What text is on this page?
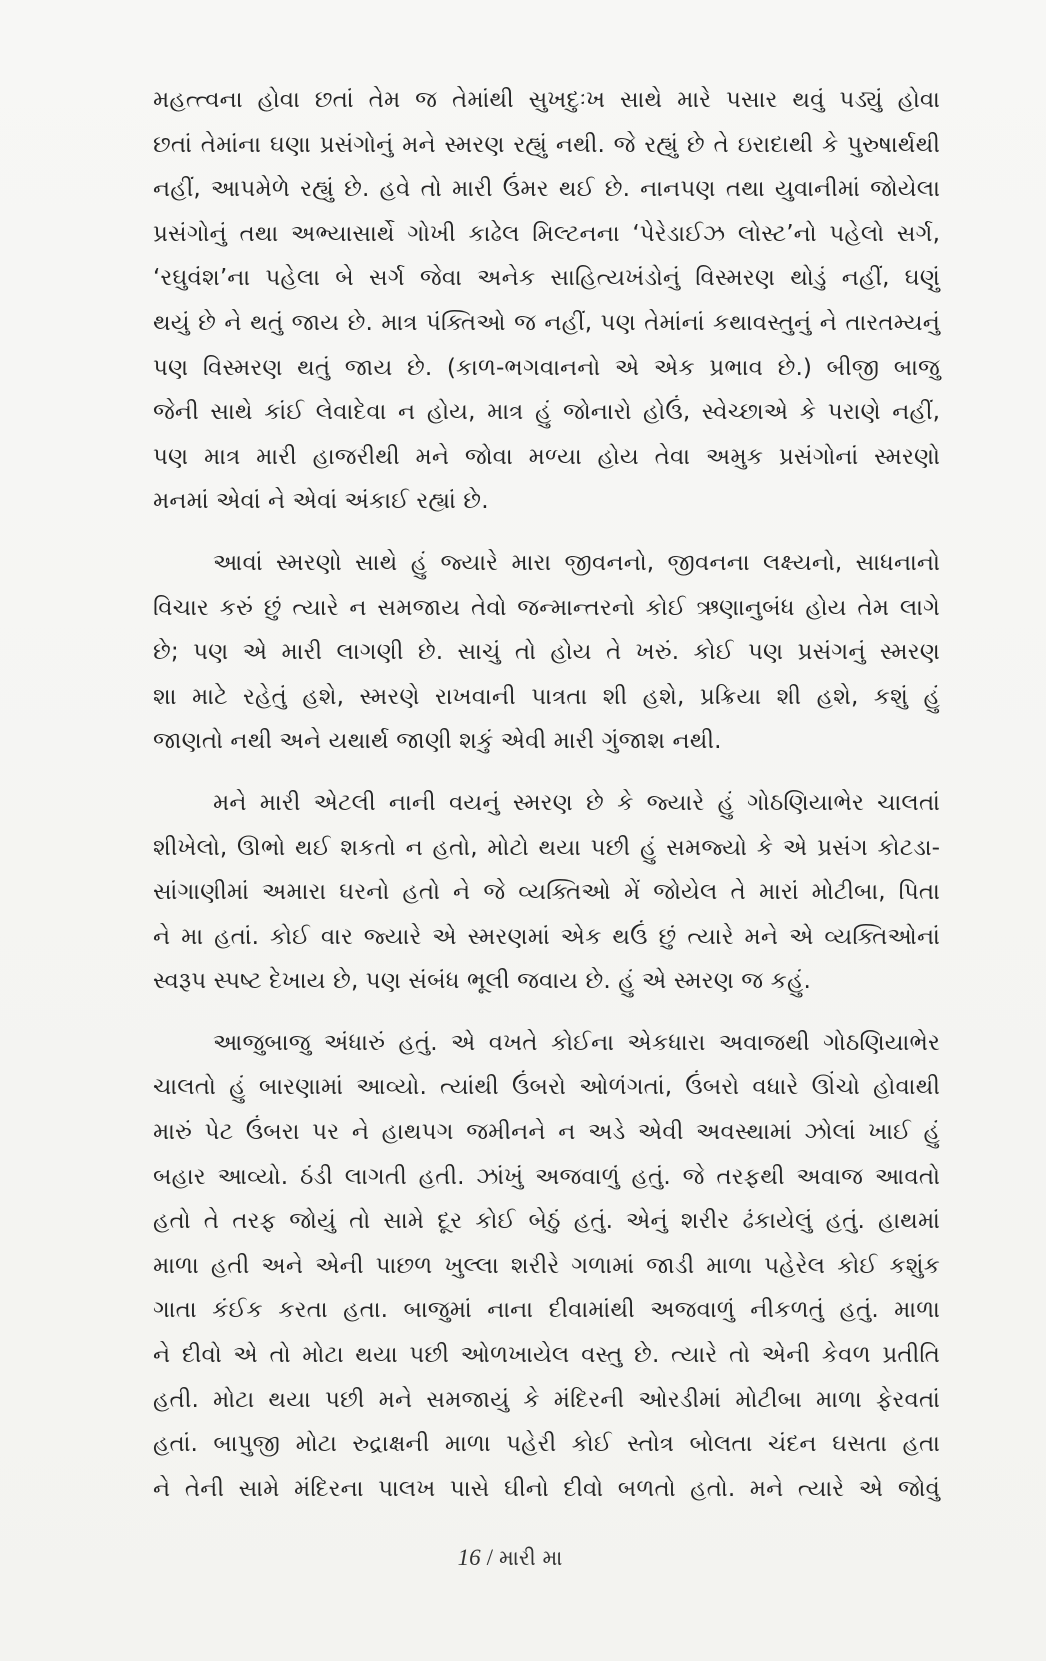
મહત્ત્વના હોવા છતાં તેમ જ તેમાંથી સુખદુઃખ સાથે મારે પસાર થવું પડ્યું હોવા
છતાં તેમાંના ઘણા પ્રસંગોનું મને સ્મરણ રહ્યું નથી. જે રહ્યું છે તે ઇરાદાથી કે પુરુષાર્થથી
નહીં, આપમેળે રહ્યું છે. હવે તો મારી ઉંમર થઈ છે. નાનપણ તથા યુવાનીમાં જોયેલા
પ્રસંગોનું તથા અભ્યાસાર્થે ગોખી કાઢેલ મિલ્ટનના ‘પેરેડાઈઝ લોસ્ટ’નો પહેલો સર્ગ,
‘રઘુવંશ’ના પહેલા બે સર્ગ જેવા અનેક સાહિત્યખંડોનું વિસ્મરણ થોડું નહીં, ઘણું
થયું છે ને થતું જાય છે. માત્ર પંક્તિઓ જ નહીં, પણ તેમાંનાં કથાવસ્તુનું ને તારતમ્યનું
પણ વિસ્મરણ થતું જાય છે. (કાળ-ભગવાનનો એ એક પ્રભાવ છે.) બીજી બાજુ
જેની સાથે કાંઈ લેવાદેવા ન હોય, માત્ર હું જોનારો હોઉં, સ્વેચ્છાએ કે પરાણે નહીં,
પણ માત્ર મારી હાજરીથી મને જોવા મળ્યા હોય તેવા અમુક પ્રસંગોનાં સ્મરણો
મનમાં એવાં ને એવાં અંકાઈ રહ્યાં છે.
આવાં સ્મરણો સાથે હું જ્યારે મારા જીવનનો, જીવનના લક્ષ્યનો, સાધનાનો
વિચાર કરું છું ત્યારે ન સમજાય તેવો જન્માન્તરનો કોઈ ઋણાનુબંધ હોય તેમ લાગે
છે; પણ એ મારી લાગણી છે. સાચું તો હોય તે ખરું. કોઈ પણ પ્રસંગનું સ્મરણ
શા માટે રહેતું હશે, સ્મરણે રાખવાની પાત્રતા શી હશે, પ્રક્રિયા શી હશે, કશું હું
જાણતો નથી અને યથાર્થ જાણી શકું એવી મારી ગુંજાશ નથી.
મને મારી એટલી નાની વયનું સ્મરણ છે કે જ્યારે હું ગોઠણિયાભેર ચાલતાં
શીખેલો, ઊભો થઈ શકતો ન હતો, મોટો થયા પછી હું સમજ્યો કે એ પ્રસંગ કોટડા-
સાંગાણીમાં અમારા ઘરનો હતો ને જે વ્યક્તિઓ મેં જોયેલ તે મારાં મોટીબા, પિતા
ને મા હતાં. કોઈ વાર જ્યારે એ સ્મરણમાં એક થઉં છું ત્યારે મને એ વ્યક્તિઓનાં
સ્વરૂપ સ્પષ્ટ દેખાય છે, પણ સંબંધ ભૂલી જવાય છે. હું એ સ્મરણ જ કહું.
આજુબાજુ અંધારું હતું. એ વખતે કોઈના એકધારા અવાજથી ગોઠણિયાભેર
ચાલતો હું બારણામાં આવ્યો. ત્યાંથી ઉંબરો ઓળંગતાં, ઉંબરો વધારે ઊંચો હોવાથી
મારું પેટ ઉંબરા પર ને હાથપગ જમીનને ન અડે એવી અવસ્થામાં ઝોલાં ખાઈ હું
બહાર આવ્યો. ઠંડી લાગતી હતી. ઝાંખું અજવાળું હતું. જે તરફથી અવાજ આવતો
હતો તે તરફ જોયું તો સામે દૂર કોઈ બેઠું હતું. એનું શરીર ઢંકાયેલું હતું. હાથમાં
માળા હતી અને એની પાછળ ખુલ્લા શરીરે ગળામાં જાડી માળા પહેરેલ કોઈ કશુંક
ગાતા કંઈક કરતા હતા. બાજુમાં નાના દીવામાંથી અજવાળું નીકળતું હતું. માળા
ને દીવો એ તો મોટા થયા પછી ઓળખાયેલ વસ્તુ છે. ત્યારે તો એની કેવળ પ્રતીતિ
હતી. મોટા થયા પછી મને સમજાયું કે મંદિરની ઓરડીમાં મોટીબા માળા ફેરવતાં
હતાં. બાપુજી મોટા રુદ્રાક્ષની માળા પહેરી કોઈ સ્તોત્ર બોલતા ચંદન ઘસતા હતા
ને તેની સામે મંદિરના પાલખ પાસે ઘીનો દીવો બળતો હતો. મને ત્યારે એ જોવું
16 / મારી મા
